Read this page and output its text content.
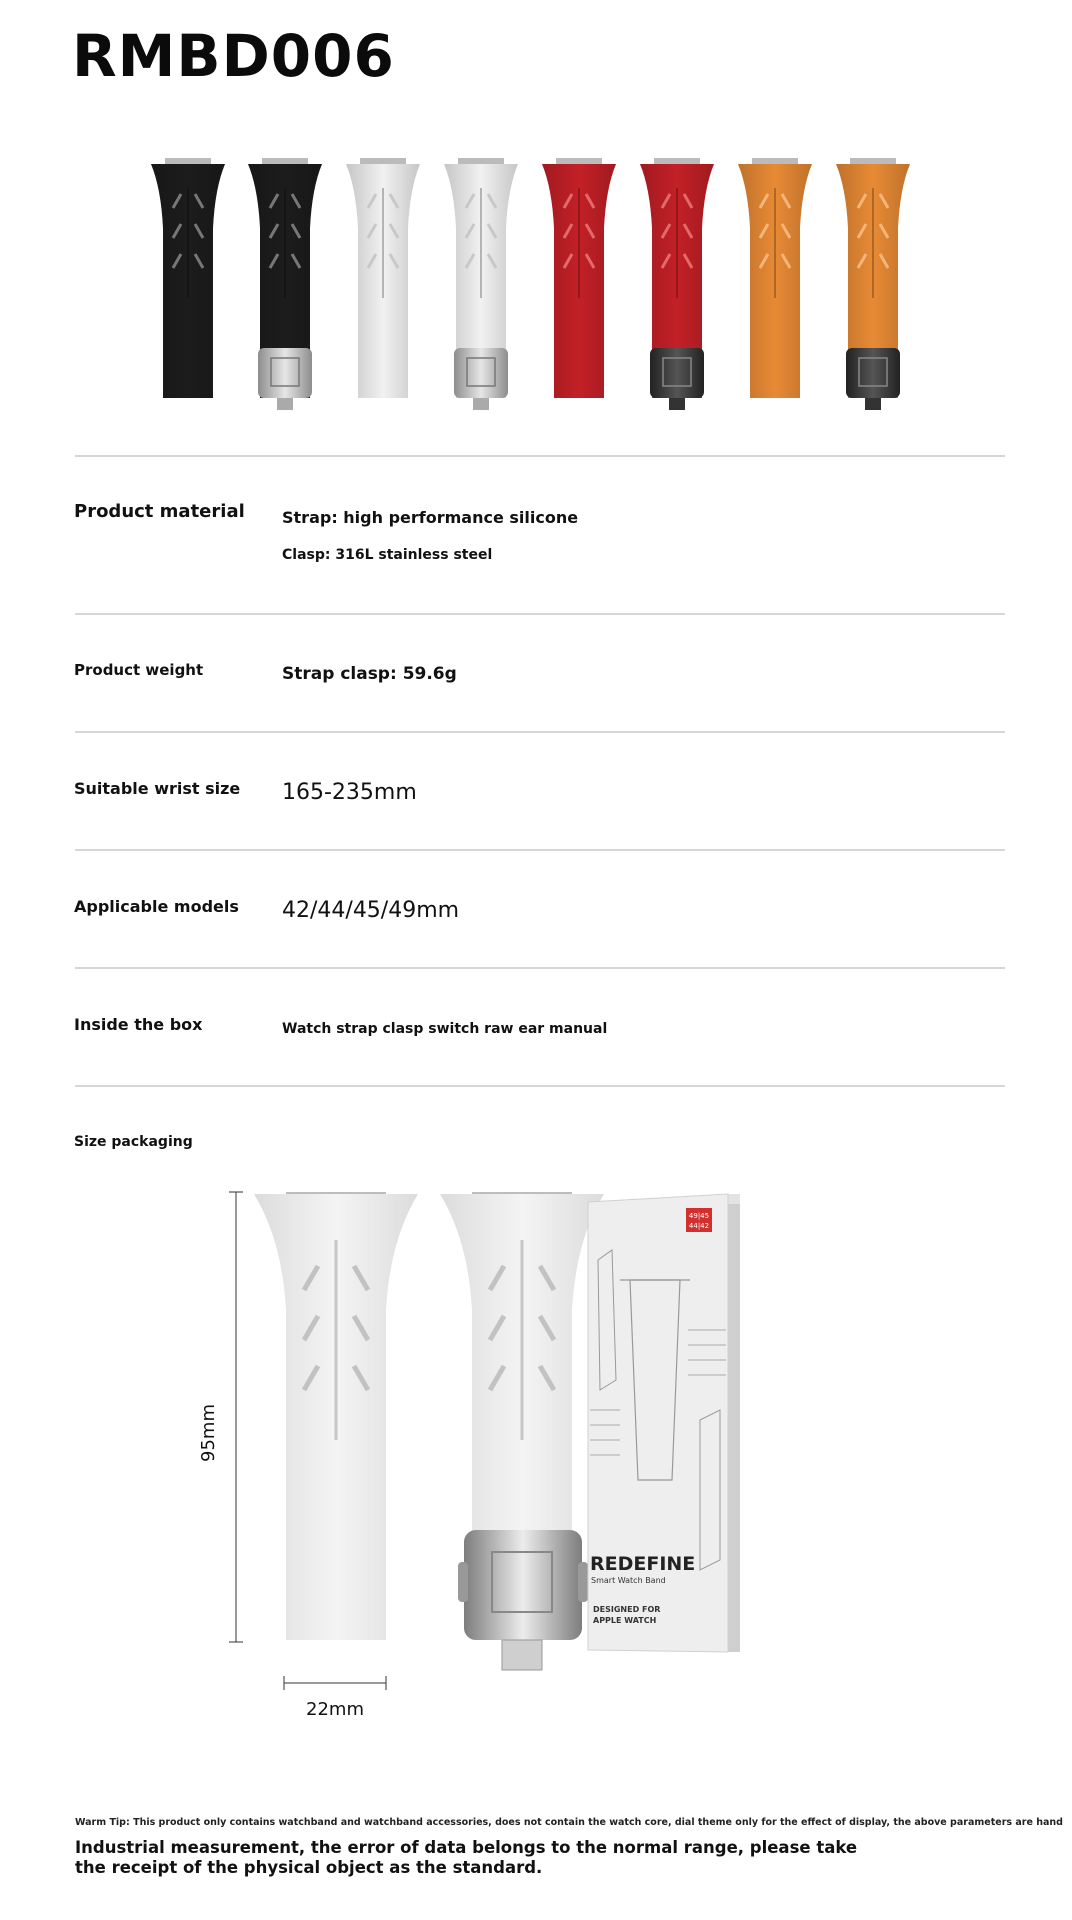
RMBD006
Product material Strap: high performance silicone
Clasp: 316L stainless steel
Product weight	Strap clasp: 59.6g
Suitable wrist size 165-235mm
Applicable models 42/44/45/49mm
Inside the box	Watch strap clasp switch raw ear manual
Size packaging
95mm
22mm
49|45
44|42
REDEFINE
Smart Watch Band
DESIGNED FOR
APPLE WATCH
Warm Tip: This product only contains watchband and watchband accessories, does not contain the watch core, dial theme only for the effect of display, the above parameters are hand
Industrial measurement, the error of data belongs to the normal range, please take the receipt of the physical object as the standard.
